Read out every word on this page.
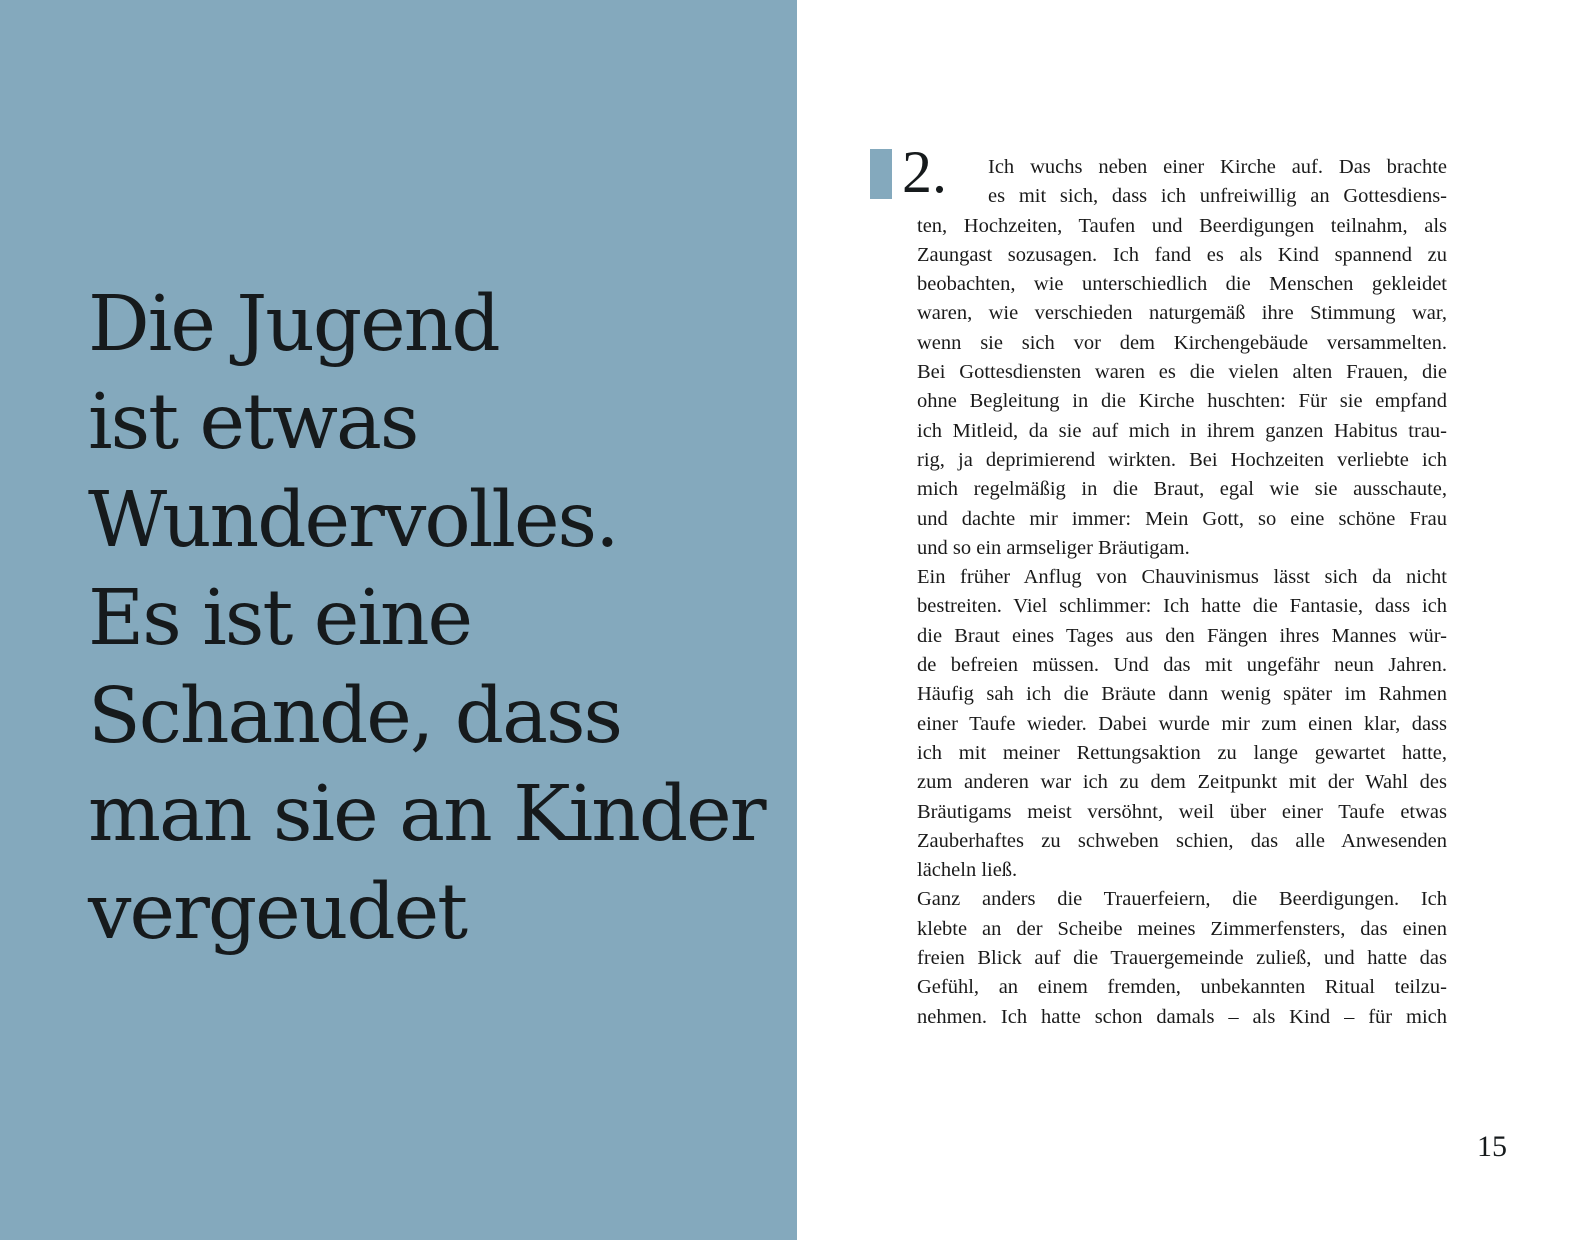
Die Jugend
ist etwas
Wundervolles.
Es ist eine
Schande, dass
man sie an Kinder
vergeudet
2.	Ich wuchs neben einer Kirche auf. Das brachte
es mit sich, dass ich unfreiwillig an Gottesdiens-
ten, Hochzeiten, Taufen und Beerdigungen teilnahm, als
Zaungast sozusagen. Ich fand es als Kind spannend zu
beobachten, wie unterschiedlich die Menschen gekleidet
waren, wie verschieden naturgemäß ihre Stimmung war,
wenn sie sich vor dem Kirchengebäude versammelten.
Bei Gottesdiensten waren es die vielen alten Frauen, die
ohne Begleitung in die Kirche huschten: Für sie empfand
ich Mitleid, da sie auf mich in ihrem ganzen Habitus trau-
rig, ja deprimierend wirkten. Bei Hochzeiten verliebte ich
mich regelmäßig in die Braut, egal wie sie ausschaute,
und dachte mir immer: Mein Gott, so eine schöne Frau
und so ein armseliger Bräutigam.
Ein früher Anflug von Chauvinismus lässt sich da nicht
bestreiten. Viel schlimmer: Ich hatte die Fantasie, dass ich
die Braut eines Tages aus den Fängen ihres Mannes wür-
de befreien müssen. Und das mit ungefähr neun Jahren.
Häufig sah ich die Bräute dann wenig später im Rahmen
einer Taufe wieder. Dabei wurde mir zum einen klar, dass
ich mit meiner Rettungsaktion zu lange gewartet hatte,
zum anderen war ich zu dem Zeitpunkt mit der Wahl des
Bräutigams meist versöhnt, weil über einer Taufe etwas
Zauberhaftes zu schweben schien, das alle Anwesenden
lächeln ließ.
Ganz anders die Trauerfeiern, die Beerdigungen. Ich
klebte an der Scheibe meines Zimmerfensters, das einen
freien Blick auf die Trauergemeinde zuließ, und hatte das
Gefühl, an einem fremden, unbekannten Ritual teilzu-
nehmen. Ich hatte schon damals – als Kind – für mich
15
